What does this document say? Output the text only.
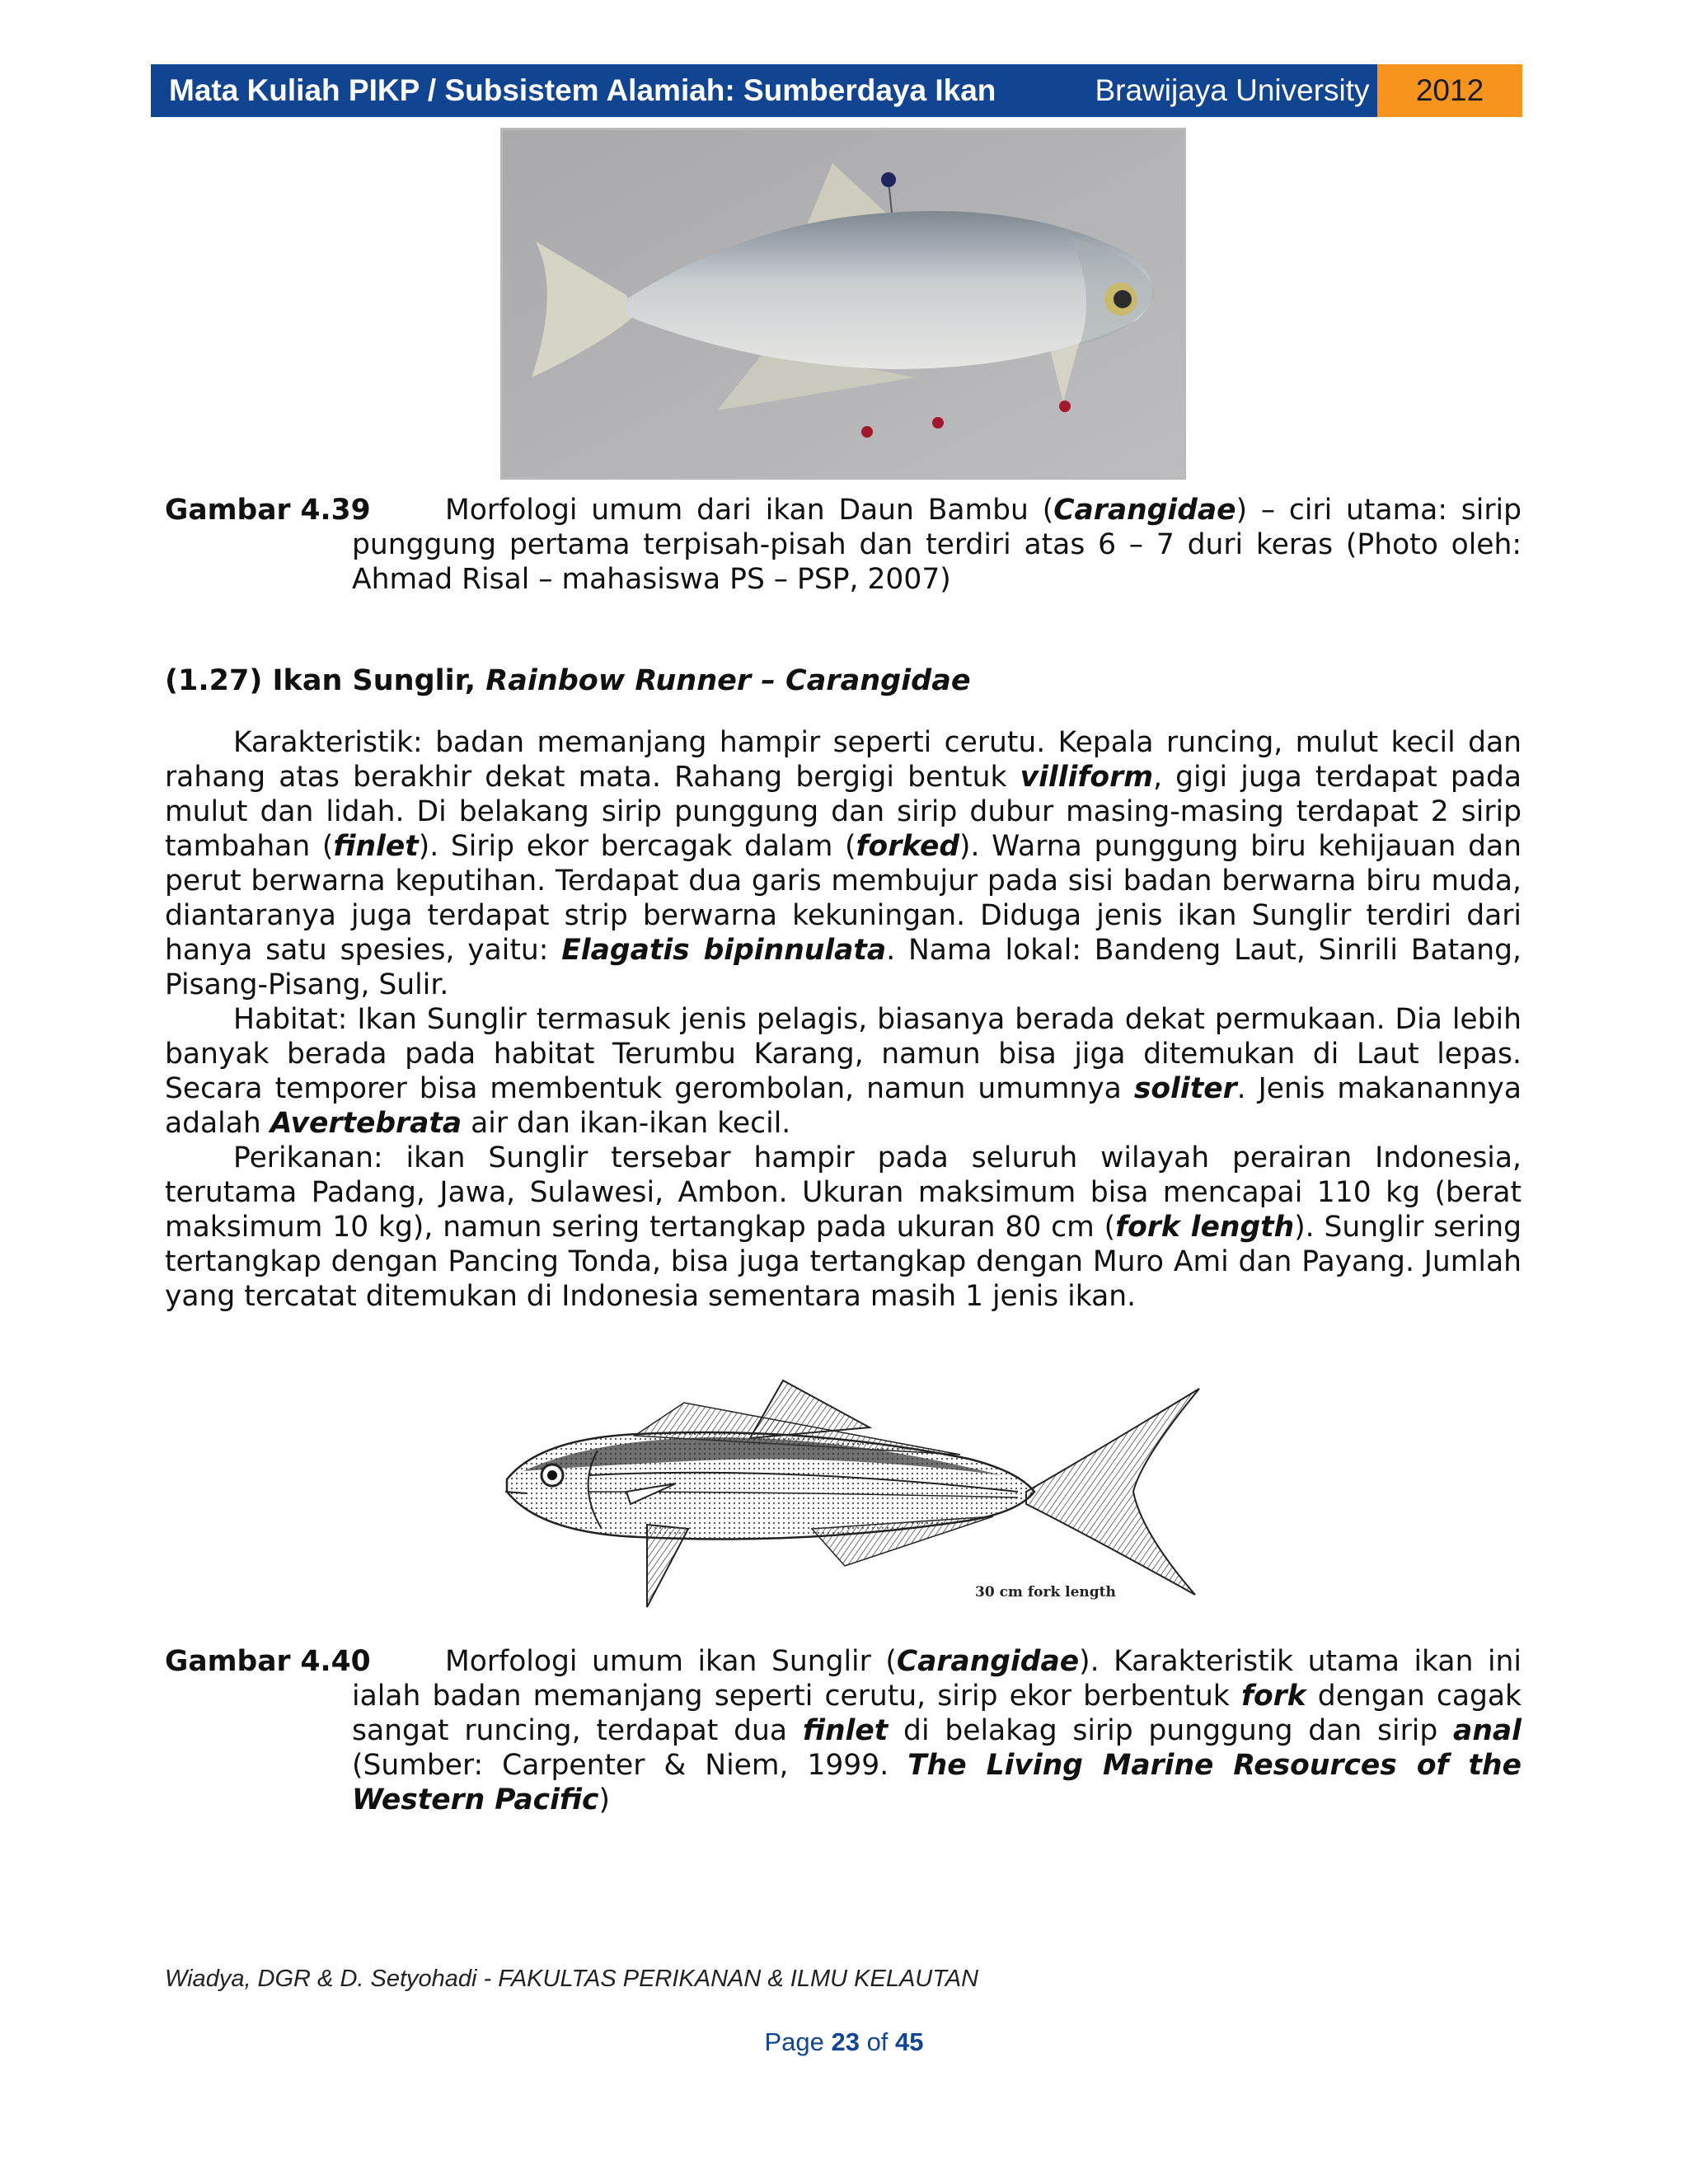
Mata Kuliah PIKP / Subsistem Alamiah: Sumberdaya Ikan	Brawijaya University	2012
Gambar 4.39	Morfologi umum dari ikan Daun Bambu (Carangidae) – ciri utama: sirip punggung pertama terpisah-pisah dan terdiri atas 6 – 7 duri keras (Photo oleh: Ahmad Risal – mahasiswa PS – PSP, 2007)
(1.27) Ikan Sunglir, Rainbow Runner – Carangidae

Karakteristik: badan memanjang hampir seperti cerutu. Kepala runcing, mulut kecil dan rahang atas berakhir dekat mata. Rahang bergigi bentuk villiform, gigi juga terdapat pada mulut dan lidah. Di belakang sirip punggung dan sirip dubur masing-masing terdapat 2 sirip tambahan (finlet). Sirip ekor bercagak dalam (forked). Warna punggung biru kehijauan dan perut berwarna keputihan. Terdapat dua garis membujur pada sisi badan berwarna biru muda, diantaranya juga terdapat strip berwarna kekuningan. Diduga jenis ikan Sunglir terdiri dari hanya satu spesies, yaitu: Elagatis bipinnulata. Nama lokal: Bandeng Laut, Sinrili Batang, Pisang-Pisang, Sulir.

Habitat: Ikan Sunglir termasuk jenis pelagis, biasanya berada dekat permukaan. Dia lebih banyak berada pada habitat Terumbu Karang, namun bisa jiga ditemukan di Laut lepas. Secara temporer bisa membentuk gerombolan, namun umumnya soliter. Jenis makanannya adalah Avertebrata air dan ikan-ikan kecil.

Perikanan: ikan Sunglir tersebar hampir pada seluruh wilayah perairan Indonesia, terutama Padang, Jawa, Sulawesi, Ambon. Ukuran maksimum bisa mencapai 110 kg (berat maksimum 10 kg), namun sering tertangkap pada ukuran 80 cm (fork length). Sunglir sering tertangkap dengan Pancing Tonda, bisa juga tertangkap dengan Muro Ami dan Payang. Jumlah yang tercatat ditemukan di Indonesia sementara masih 1 jenis ikan.

30 cm fork length
Gambar 4.40	Morfologi umum ikan Sunglir (Carangidae). Karakteristik utama ikan ini ialah badan memanjang seperti cerutu, sirip ekor berbentuk fork dengan cagak sangat runcing, terdapat dua finlet di belakag sirip punggung dan sirip anal (Sumber: Carpenter & Niem, 1999. The Living Marine Resources of the Western Pacific)
Wiadya, DGR & D. Setyohadi - FAKULTAS PERIKANAN & ILMU KELAUTAN
Page 23 of 45
